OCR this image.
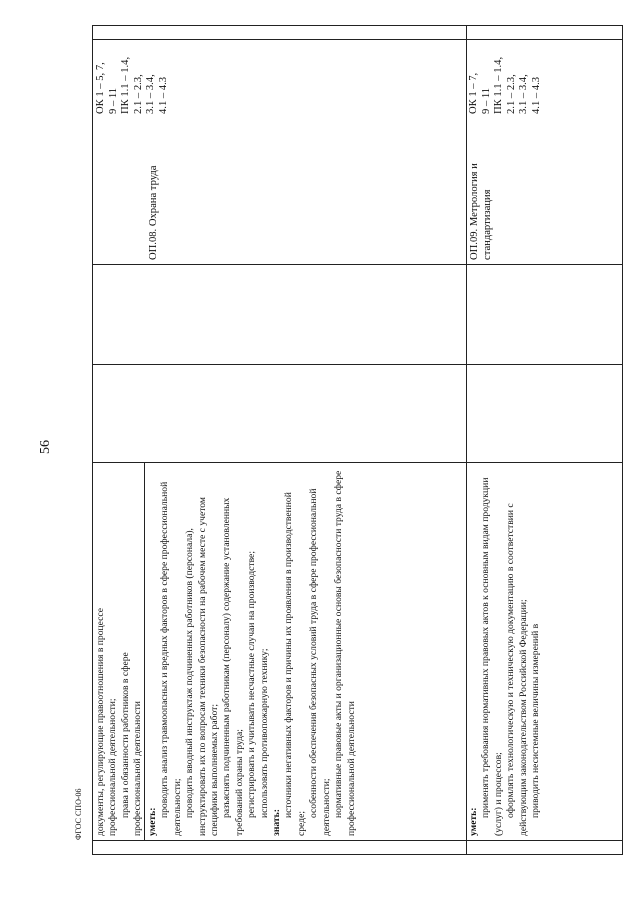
56

документы, регулирующие правоотношения в процессе профессиональной деятельности; права и обязанности работников в сфере профессиональной деятельности уметь:

проводить анализ травмоопасных и вредных факторов в сфере профессиональной деятельности; проводить вводный инструктаж подчиненных работников (персонала), инструктировать их по вопросам техники безопасности на рабочем месте с учетом специфики выполняемых работ; разъяснять подчиненным работникам (персоналу) содержание установленных требований охраны труда; регистрировать и учитывать несчастные случаи на производстве; использовать противопожарную технику;

знать:

источники негативных факторов и причины их проявления в производственной среде;

особенности обеспечения безопасных условий труда в сфере профессиональной деятельности; нормативные правовые акты и организационные основы безопасности труда в сфере профессиональной деятельности

ОП.08. Охрана труда

ОК 1 – 5, 7, 9 – 11 ПК 1.1 – 1.4, 2.1 – 2.3, 3.1 – 3.4, 4.1 – 4.3

уметь:

применять требования нормативных правовых актов к основным видам продукции (услуг) и процессов; оформлять технологическую и техническую документацию в соответствии с действующим законодательством Российской Федерации; приводить несистемные величины измерений в

ОП.09. Метрология и стандартизация

ОК 1 – 7, 9 – 11 ПК 1.1 – 1.4, 2.1 – 2.3, 3.1 – 3.4, 4.1 – 4.3

ФГОС СПО-06
